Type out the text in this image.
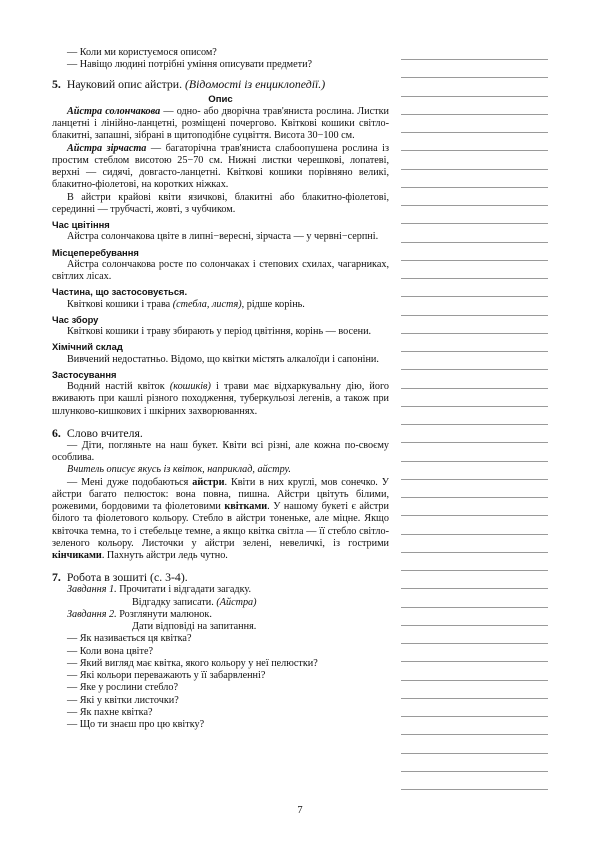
— Коли ми користуємося описом?

— Навіщо людині потрібні уміння описувати предмети?

5. Науковий опис айстри. (Відомості із енциклопедії.)

Опис

Айстра солончакова — одно- або дворічна трав'яниста рослина. Листки ланцетні і лінійно-ланцетні, розміщені почергово. Квіткові кошики світло-блакитні, запашні, зібрані в щитоподібне суцвіття. Висота 30−100 см.

Айстра зірчаста — багаторічна трав'яниста слабоопушена рослина із простим стеблом висотою 25−70 см. Нижні листки черешкові, лопатеві, верхні — сидячі, довгасто-ланцетні. Квіткові кошики порівняно великі, блакитно-фіолетові, на коротких ніжках.

В айстри крайові квіти язичкові, блакитні або блакитно-фіолетові, серединні — трубчасті, жовті, з чубчиком.

Час цвітіння

Айстра солончакова цвіте в липні−вересні, зірчаста — у червні−серпні.

Місцеперебування

Айстра солончакова росте по солончаках і степових схилах, чагарниках, світлих лісах.

Частина, що застосовується.

Квіткові кошики і трава (стебла, листя), рідше корінь.

Час збору

Квіткові кошики і траву збирають у період цвітіння, корінь — восени.

Хімічний склад

Вивчений недостатньо. Відомо, що квітки містять алкалоїди і сапоніни.

Застосування

Водний настій квіток (кошиків) і трави має відхаркувальну дію, його вживають при кашлі різного походження, туберкульозі легенів, а також при шлунково-кишкових і шкірних захворюваннях.

6. Слово вчителя.

— Діти, погляньте на наш букет. Квіти всі різні, але кожна по-своєму особлива.

Вчитель описує якусь із квіток, наприклад, айстру.

— Мені дуже подобаються айстри. Квіти в них круглі, мов сонечко. У айстри багато пелюсток: вона повна, пишна. Айстри цвітуть білими, рожевими, бордовими та фіолетовими квітками. У нашому букеті є айстри білого та фіолетового кольору. Стебло в айстри тоненьке, але міцне. Якщо квіточка темна, то і стебельце темне, а якщо квітка світла — її стебло світло-зеленого кольору. Листочки у айстри зелені, невеличкі, із гострими кінчиками. Пахнуть айстри ледь чутно.

7. Робота в зошиті (с. 3-4).

Завдання 1. Прочитати і відгадати загадку.

Відгадку записати. (Айстра)

Завдання 2. Розглянути малюнок.

Дати відповіді на запитання.

— Як називається ця квітка?

— Коли вона цвіте?

— Який вигляд має квітка, якого кольору у неї пелюстки?

— Які кольори переважають у її забарвленні?

— Яке у рослини стебло?

— Які у квітки листочки?

— Як пахне квітка?

— Що ти знаєш про цю квітку?

7
